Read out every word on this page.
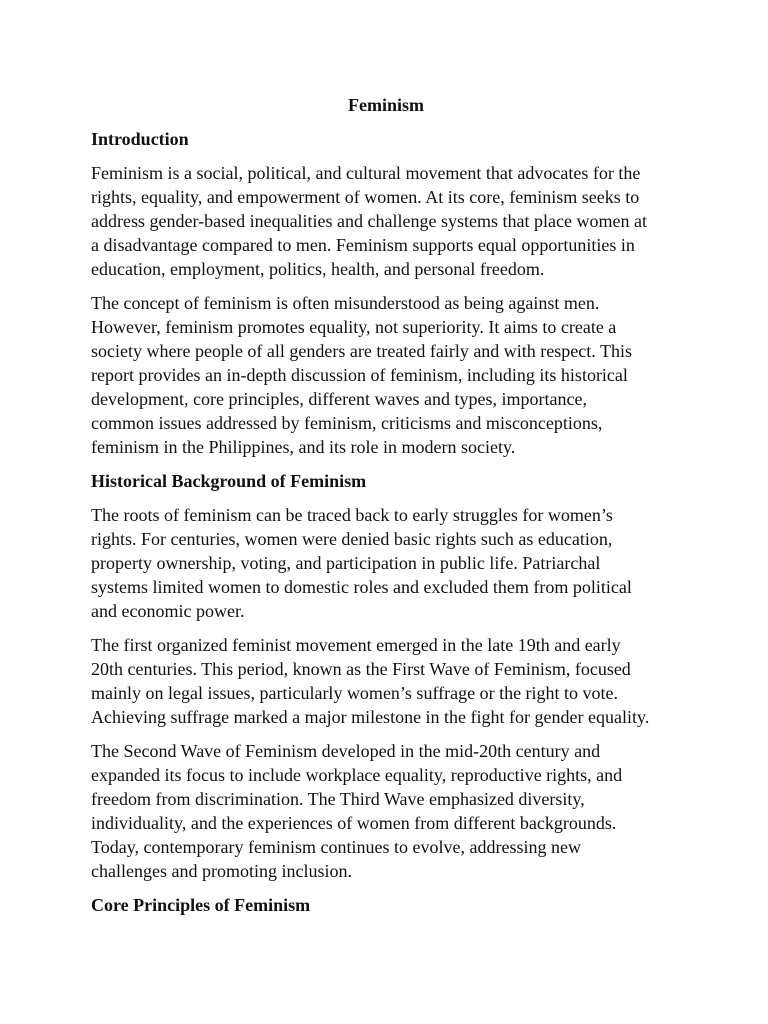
Feminism
Introduction

Feminism is a social, political, and cultural movement that advocates for the
rights, equality, and empowerment of women. At its core, feminism seeks to
address gender-based inequalities and challenge systems that place women at
a disadvantage compared to men. Feminism supports equal opportunities in
education, employment, politics, health, and personal freedom.

The concept of feminism is often misunderstood as being against men.
However, feminism promotes equality, not superiority. It aims to create a
society where people of all genders are treated fairly and with respect. This
report provides an in-depth discussion of feminism, including its historical
development, core principles, different waves and types, importance,
common issues addressed by feminism, criticisms and misconceptions,
feminism in the Philippines, and its role in modern society.

Historical Background of Feminism

The roots of feminism can be traced back to early struggles for women’s
rights. For centuries, women were denied basic rights such as education,
property ownership, voting, and participation in public life. Patriarchal
systems limited women to domestic roles and excluded them from political
and economic power.

The first organized feminist movement emerged in the late 19th and early
20th centuries. This period, known as the First Wave of Feminism, focused
mainly on legal issues, particularly women’s suffrage or the right to vote.
Achieving suffrage marked a major milestone in the fight for gender equality.

The Second Wave of Feminism developed in the mid-20th century and
expanded its focus to include workplace equality, reproductive rights, and
freedom from discrimination. The Third Wave emphasized diversity,
individuality, and the experiences of women from different backgrounds.
Today, contemporary feminism continues to evolve, addressing new
challenges and promoting inclusion.

Core Principles of Feminism
